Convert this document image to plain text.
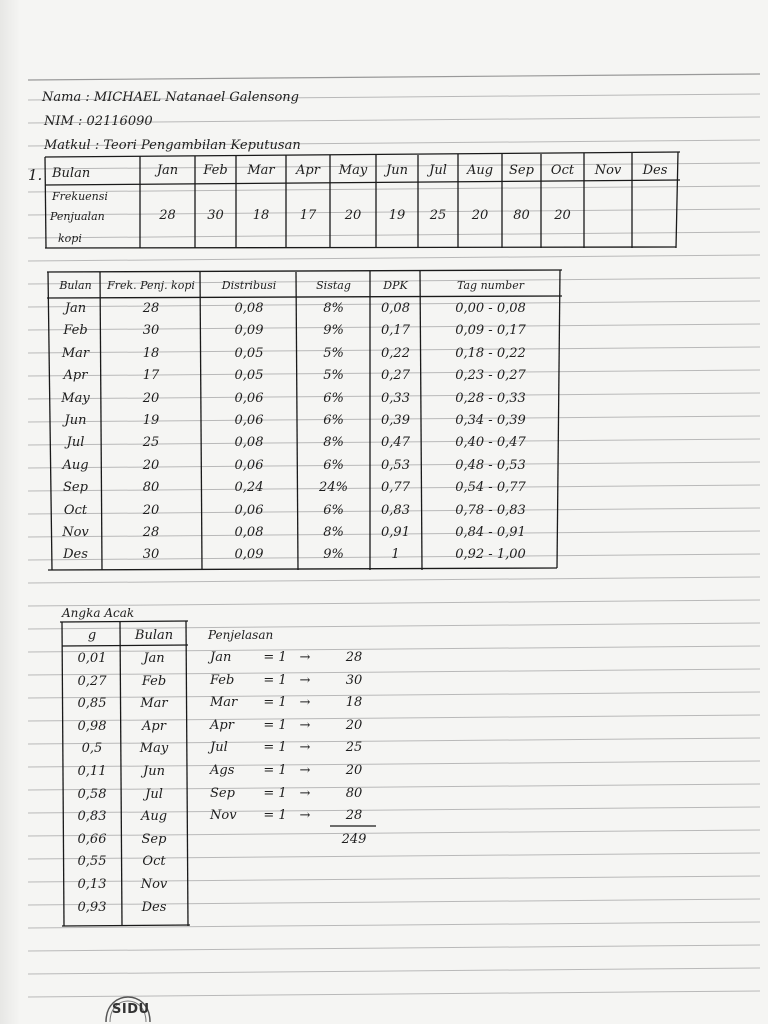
Nama : MICHAEL Natanael Galensong
NIM : 02116090
Matkul : Teori Pengambilan Keputusan
1. Bulan
Frekuensi
Penjualan
kopi
Jan	Feb	Mar	Apr	May	Jun	Jul	Aug	Sep	Oct	Nov	Des
28	30	18	17	20	19	25	20	80	20
Bulan	Frek. Penj. kopi	Distribusi	Sistag	DPK	Tag number
Jan	28	0,08	8%	0,08	0,00 - 0,08
Feb	30	0,09	9%	0,17	0,09 - 0,17
Mar	18	0,05	5%	0,22	0,18 - 0,22
Apr	17	0,05	5%	0,27	0,23 - 0,27
May	20	0,06	6%	0,33	0,28 - 0,33
Jun	19	0,06	6%	0,39	0,34 - 0,39
Jul	25	0,08	8%	0,47	0,40 - 0,47
Aug	20	0,06	6%	0,53	0,48 - 0,53
Sep	80	0,24	24%	0,77	0,54 - 0,77
Oct	20	0,06	6%	0,83	0,78 - 0,83
Nov	28	0,08	8%	0,91	0,84 - 0,91
Des	30	0,09	9%	1	0,92 - 1,00
Angka Acak
g	Bulan
0,01	Jan
0,27	Feb
0,85	Mar
0,98	Apr
0,5	May
0,11	Jun
0,58	Jul
0,83	Aug
0,66	Sep
0,55	Oct
0,13	Nov
0,93	Des
Penjelasan
Jan	= 1 →	28
Feb	= 1 →	30
Mar	= 1 →	18
Apr	= 1 →	20
Jul	= 1 →	25
Ags	= 1 →	20
Sep	= 1 →	80
Nov	= 1 →	28
249
SIDU
